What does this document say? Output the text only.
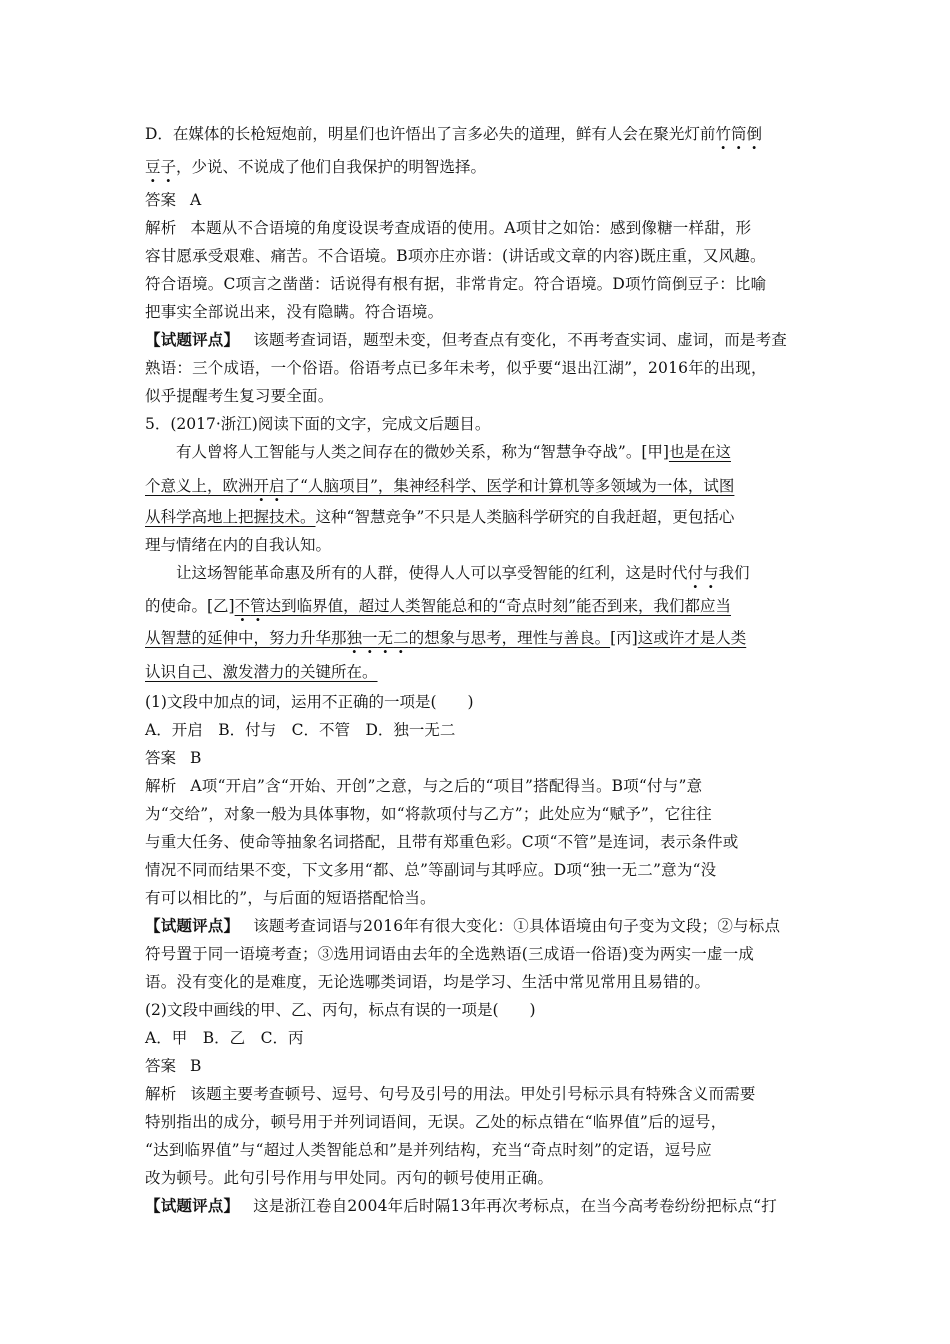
D．在媒体的长枪短炮前，明星们也许悟出了言多必失的道理，鲜有人会在聚光灯前竹筒倒
豆子，少说、不说成了他们自我保护的明智选择。
答案 A
解析 本题从不合语境的角度设误考查成语的使用。A项甘之如饴：感到像糖一样甜，形
容甘愿承受艰难、痛苦。不合语境。B项亦庄亦谐：(讲话或文章的内容)既庄重，又风趣。
符合语境。C项言之凿凿：话说得有根有据，非常肯定。符合语境。D项竹筒倒豆子：比喻
把事实全部说出来，没有隐瞒。符合语境。
【试题评点】 该题考查词语，题型未变，但考查点有变化，不再考查实词、虚词，而是考查
熟语：三个成语，一个俗语。俗语考点已多年未考，似乎要“退出江湖”，2016年的出现，
似乎提醒考生复习要全面。
5．(2017·浙江)阅读下面的文字，完成文后题目。
有人曾将人工智能与人类之间存在的微妙关系，称为“智慧争夺战”。[甲]也是在这
个意义上，欧洲开启了“人脑项目”，集神经科学、医学和计算机等多领域为一体，试图
从科学高地上把握技术。这种“智慧竞争”不只是人类脑科学研究的自我赶超，更包括心
理与情绪在内的自我认知。
让这场智能革命惠及所有的人群，使得人人可以享受智能的红利，这是时代付与我们
的使命。[乙]不管达到临界值，超过人类智能总和的“奇点时刻”能否到来，我们都应当
从智慧的延伸中，努力升华那独一无二的想象与思考，理性与善良。[丙]这或许才是人类
认识自己、激发潜力的关键所在。
(1)文段中加点的词，运用不正确的一项是(　　)
A．开启　B．付与　C．不管　D．独一无二
答案 B
解析 A项“开启”含“开始、开创”之意，与之后的“项目”搭配得当。B项“付与”意
为“交给”，对象一般为具体事物，如“将款项付与乙方”；此处应为“赋予”，它往往
与重大任务、使命等抽象名词搭配，且带有郑重色彩。C项“不管”是连词，表示条件或
情况不同而结果不变，下文多用“都、总”等副词与其呼应。D项“独一无二”意为“没
有可以相比的”，与后面的短语搭配恰当。
【试题评点】 该题考查词语与2016年有很大变化：①具体语境由句子变为文段；②与标点
符号置于同一语境考查；③选用词语由去年的全选熟语(三成语一俗语)变为两实一虚一成
语。没有变化的是难度，无论选哪类词语，均是学习、生活中常见常用且易错的。
(2)文段中画线的甲、乙、丙句，标点有误的一项是(　　)
A．甲　B．乙　C．丙
答案 B
解析 该题主要考查顿号、逗号、句号及引号的用法。甲处引号标示具有特殊含义而需要
特别指出的成分，顿号用于并列词语间，无误。乙处的标点错在“临界值”后的逗号，
“达到临界值”与“超过人类智能总和”是并列结构，充当“奇点时刻”的定语，逗号应
改为顿号。此句引号作用与甲处同。丙句的顿号使用正确。
【试题评点】 这是浙江卷自2004年后时隔13年再次考标点，在当今高考卷纷纷把标点“打
